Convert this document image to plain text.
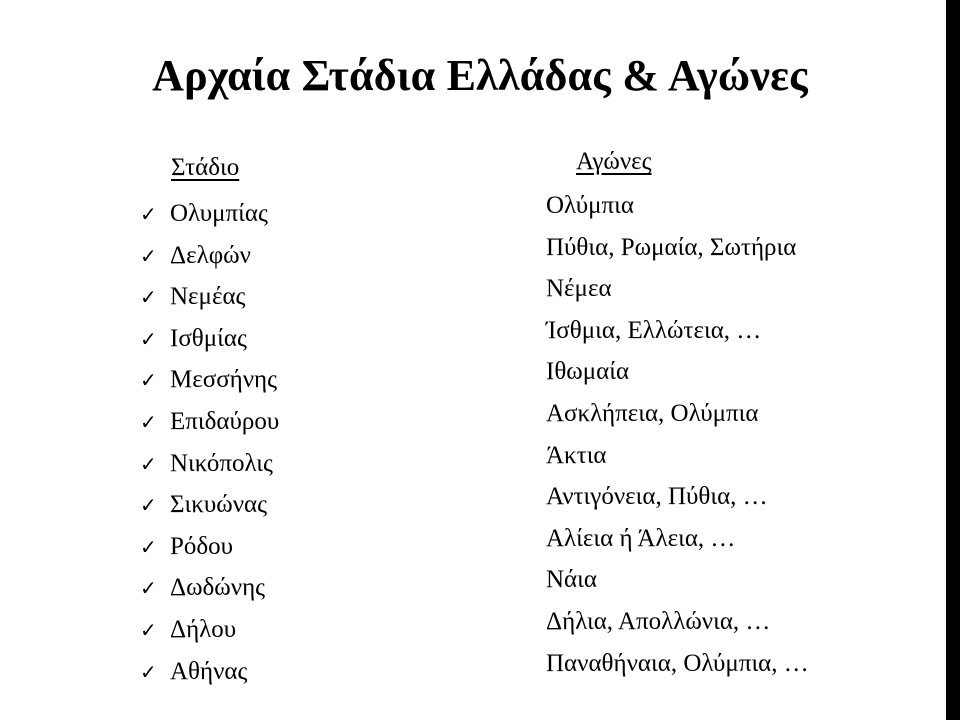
Αρχαία Στάδια Ελλάδας & Αγώνες
Στάδιο	Αγώνες
✓ Ολυμπίας
✓ Δελφών
✓ Νεμέας
✓ Ισθμίας
✓ Μεσσήνης
✓ Επιδαύρου
✓ Νικόπολις
✓ Σικυώνας
✓ Ρόδου
✓ Δωδώνης
✓ Δήλου
✓ Αθήνας
Ολύμπια
Πύθια, Ρωμαία, Σωτήρια
Νέμεα
Ίσθμια, Ελλώτεια, …
Ιθωμαία
Ασκλήπεια, Ολύμπια
Άκτια
Αντιγόνεια, Πύθια, …
Αλίεια ή Άλεια, …
Νάια
Δήλια, Απολλώνια, …
Παναθήναια, Ολύμπια, …
